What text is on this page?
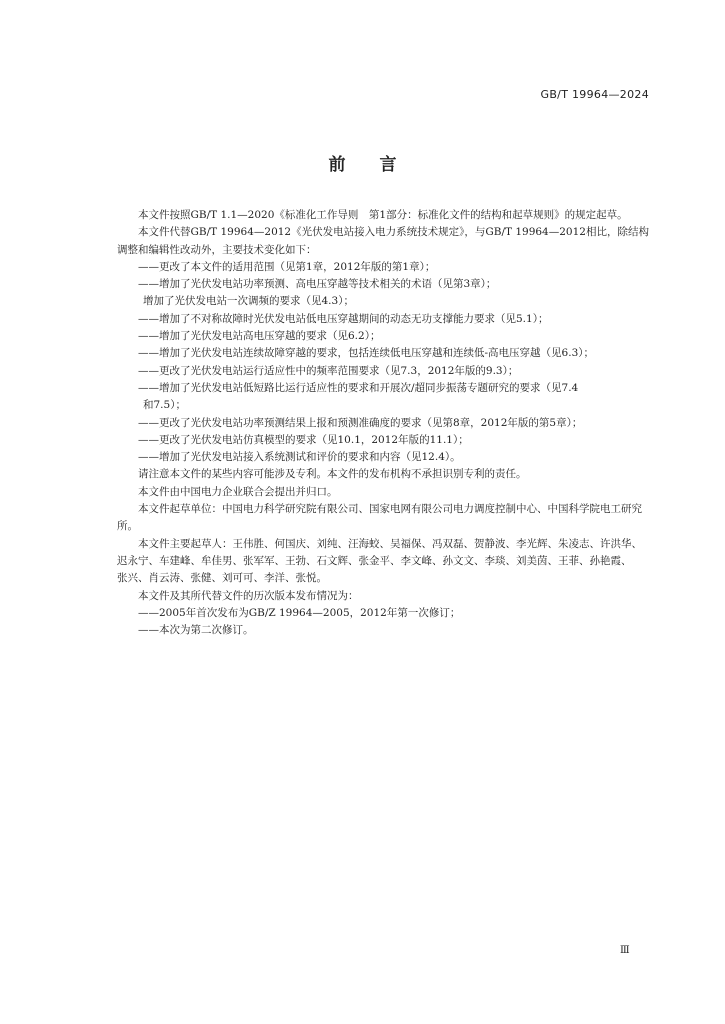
GB/T 19964—2024
前 言

本文件按照GB/T 1.1—2020《标准化工作导则　第1部分：标准化文件的结构和起草规则》的规定起草。

本文件代替GB/T 19964—2012《光伏发电站接入电力系统技术规定》，与GB/T 19964—2012相比，除结构调整和编辑性改动外，主要技术变化如下：

——更改了本文件的适用范围（见第1章，2012年版的第1章）；

——增加了光伏发电站功率预测、高电压穿越等技术相关的术语（见第3章）；

增加了光伏发电站一次调频的要求（见4.3）；

——增加了不对称故障时光伏发电站低电压穿越期间的动态无功支撑能力要求（见5.1）；

——增加了光伏发电站高电压穿越的要求（见6.2）；

——增加了光伏发电站连续故障穿越的要求，包括连续低电压穿越和连续低-高电压穿越（见6.3）；

——更改了光伏发电站运行适应性中的频率范围要求（见7.3，2012年版的9.3）；

——增加了光伏发电站低短路比运行适应性的要求和开展次/超同步振荡专题研究的要求（见7.4

和7.5）；

——更改了光伏发电站功率预测结果上报和预测准确度的要求（见第8章，2012年版的第5章）；

——更改了光伏发电站仿真模型的要求（见10.1，2012年版的11.1）；

——增加了光伏发电站接入系统测试和评价的要求和内容（见12.4）。

请注意本文件的某些内容可能涉及专利。本文件的发布机构不承担识别专利的责任。

本文件由中国电力企业联合会提出并归口。

本文件起草单位：中国电力科学研究院有限公司、国家电网有限公司电力调度控制中心、中国科学院电工研究所。

本文件主要起草人：王伟胜、何国庆、刘纯、汪海蛟、吴福保、冯双磊、贺静波、李光辉、朱凌志、许洪华、

迟永宁、车建峰、牟佳男、张军军、王勃、石文辉、张金平、李文峰、孙文文、李琰、刘美茵、王菲、孙艳霞、

张兴、肖云涛、张健、刘可可、李洋、张悦。

本文件及其所代替文件的历次版本发布情况为：

——2005年首次发布为GB/Z 19964—2005，2012年第一次修订；

——本次为第二次修订。

Ⅲ
